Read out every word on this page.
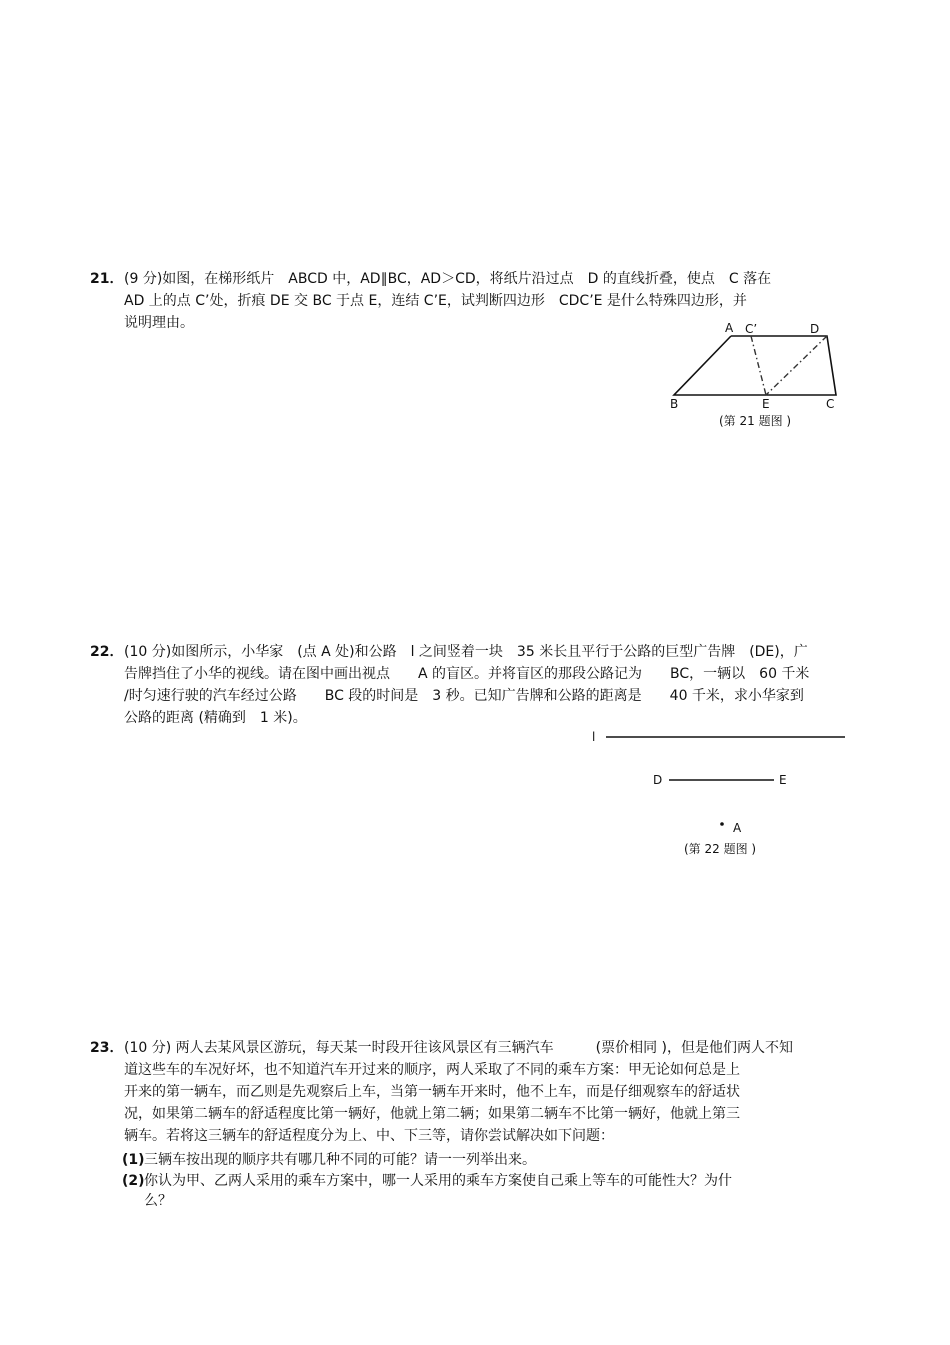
21． (9 分)如图，在梯形纸片　ABCD 中，AD∥BC，AD＞CD，将纸片沿过点　D 的直线折叠，使点　C 落在
AD 上的点 C’处，折痕 DE 交 BC 于点 E，连结 C’E，试判断四边形　CDC’E 是什么特殊四边形，并
说明理由。	A C’	D
B	E	C
(第 21 题图 )
22． (10 分)如图所示，小华家　(点 A 处)和公路　l 之间竖着一块　35 米长且平行于公路的巨型广告牌　(DE)，广
告牌挡住了小华的视线。请在图中画出视点　　A 的盲区。并将盲区的那段公路记为　　BC，一辆以　60 千米
/时匀速行驶的汽车经过公路　　BC 段的时间是　3 秒。已知广告牌和公路的距离是　　40 千米，求小华家到
公路的距离 (精确到　1 米)。
l
D	E
A
(第 22 题图 )
23． (10 分) 两人去某风景区游玩，每天某一时段开往该风景区有三辆汽车　　　(票价相同 )，但是他们两人不知
道这些车的车况好坏，也不知道汽车开过来的顺序，两人采取了不同的乘车方案：甲无论如何总是上
开来的第一辆车，而乙则是先观察后上车，当第一辆车开来时，他不上车，而是仔细观察车的舒适状
况，如果第二辆车的舒适程度比第一辆好，他就上第二辆；如果第二辆车不比第一辆好，他就上第三
辆车。若将这三辆车的舒适程度分为上、中、下三等，请你尝试解决如下问题：
(1) 三辆车按出现的顺序共有哪几种不同的可能？请一一列举出来。
(2) 你认为甲、乙两人采用的乘车方案中，哪一人采用的乘车方案使自己乘上等车的可能性大？为什
么？
